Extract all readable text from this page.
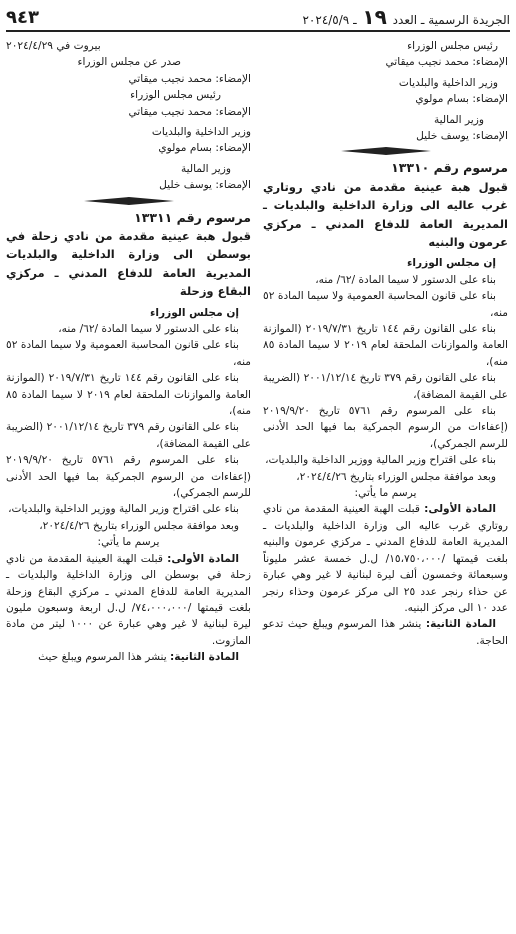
الجريدة الرسمية ـ العدد ١٩ ـ ٢٠٢٤/٥/٩
٩٤٣

رئيس مجلس الوزراء

الإمضاء: محمد نجيب ميقاتي

وزير الداخلية والبلديات

الإمضاء: بسام مولوي

وزير المالية

الإمضاء: يوسف خليل

مرسوم رقم ١٣٣١٠

قبول هبة عينية مقدمة من نادي روتاري غرب عاليه الى وزارة الداخلية والبلديات ـ المديرية العامة للدفاع المدني ـ مركزي عرمون والبنيه

إن مجلس الوزراء

بناء على الدستور لا سيما المادة /٦٢/ منه،

بناء على قانون المحاسبة العمومية ولا سيما المادة ٥٢ منه،

بناء على القانون رقم ١٤٤ تاريخ ٢٠١٩/٧/٣١ (الموازنة العامة والموازنات الملحقة لعام ٢٠١٩ لا سيما المادة ٨٥ منه)،

بناء على القانون رقم ٣٧٩ تاريخ ٢٠٠١/١٢/١٤ (الضريبة على القيمة المضافة)،

بناء على المرسوم رقم ٥٧٦١ تاريخ ٢٠١٩/٩/٢٠ (إعفاءات من الرسوم الجمركية بما فيها الحد الأدنى للرسم الجمركي)،

بناء على اقتراح وزير المالية ووزير الداخلية والبلديات،

وبعد موافقة مجلس الوزراء بتاريخ ٢٠٢٤/٤/٢٦،

يرسم ما يأتي:

المادة الأولى: قبلت الهبة العينية المقدمة من نادي روتاري غرب عاليه الى وزارة الداخلية والبلديات ـ المديرية العامة للدفاع المدني ـ مركزي عرمون والبنيه بلغت قيمتها /١٥،٧٥٠،٠٠٠/ ل.ل خمسة عشر مليوناً وسبعمائة وخمسون ألف ليرة لبنانية لا غير وهي عبارة عن حذاء رنجر عدد ٢٥ الى مركز عرمون وحذاء رنجر عدد ١٠ الى مركز البنيه.

المادة الثانية: ينشر هذا المرسوم ويبلغ حيث تدعو الحاجة.

بيروت في ٢٠٢٤/٤/٢٩

صدر عن مجلس الوزراء

الإمضاء: محمد نجيب ميقاتي

رئيس مجلس الوزراء

الإمضاء: محمد نجيب ميقاتي

وزير الداخلية والبلديات

الإمضاء: بسام مولوي

وزير المالية

الإمضاء: يوسف خليل

مرسوم رقم ١٣٣١١

قبول هبة عينية مقدمة من نادي زحلة في بوسطن الى وزارة الداخلية والبلديات المديرية العامة للدفاع المدني ـ مركزي البقاع وزحلة

إن مجلس الوزراء

بناء على الدستور لا سيما المادة /٦٢/ منه،

بناء على قانون المحاسبة العمومية ولا سيما المادة ٥٢ منه،

بناء على القانون رقم ١٤٤ تاريخ ٢٠١٩/٧/٣١ (الموازنة العامة والموازنات الملحقة لعام ٢٠١٩ لا سيما المادة ٨٥ منه)،

بناء على القانون رقم ٣٧٩ تاريخ ٢٠٠١/١٢/١٤ (الضريبة على القيمة المضافة)،

بناء على المرسوم رقم ٥٧٦١ تاريخ ٢٠١٩/٩/٢٠ (إعفاءات من الرسوم الجمركية بما فيها الحد الأدنى للرسم الجمركي)،

بناء على اقتراح وزير المالية ووزير الداخلية والبلديات،

وبعد موافقة مجلس الوزراء بتاريخ ٢٠٢٤/٤/٢٦،

يرسم ما يأتي:

المادة الأولى: قبلت الهبة العينية المقدمة من نادي زحلة في بوسطن الى وزارة الداخلية والبلديات ـ المديرية العامة للدفاع المدني ـ مركزي البقاع وزحلة بلغت قيمتها /٧٤،٠٠٠،٠٠٠/ ل.ل اربعة وسبعون مليون ليرة لبنانية لا غير وهي عبارة عن ١٠٠٠ ليتر من مادة المازوت.

المادة الثانية: ينشر هذا المرسوم ويبلغ حيث
